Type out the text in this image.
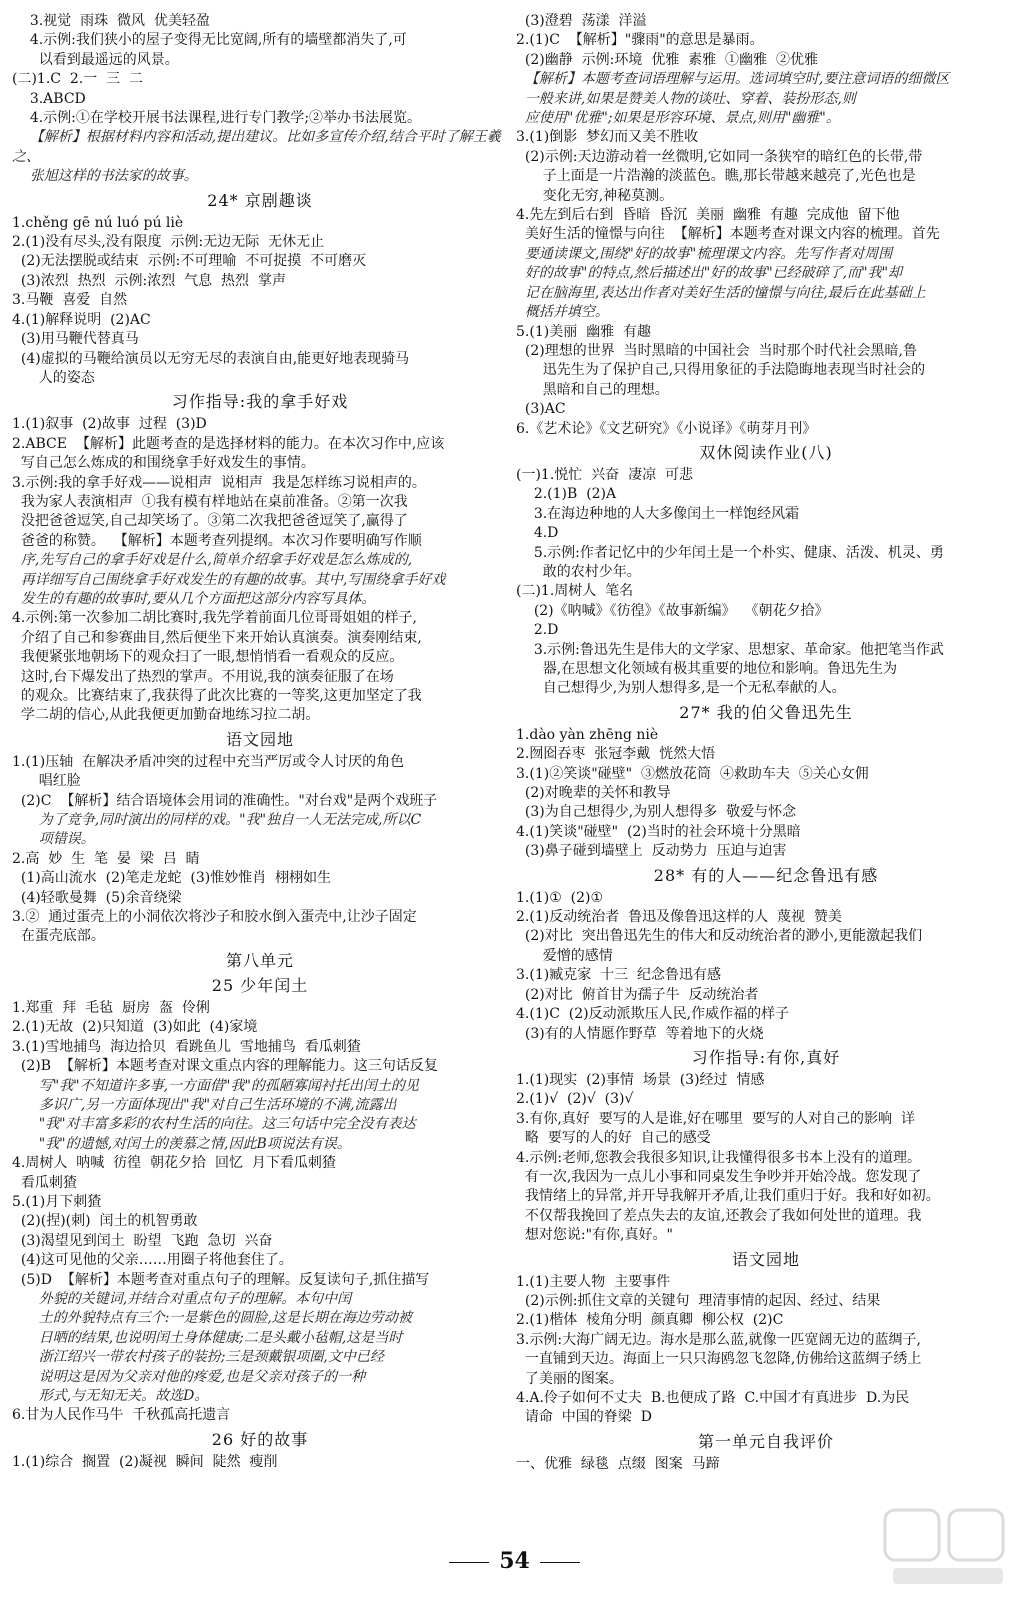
3.视觉  雨珠  微风  优美轻盈
4.示例:我们狭小的屋子变得无比宽阔,所有的墙壁都消失了,可
以看到最遥远的风景。
(二)1.C  2.一  三  二
3.ABCD
4.示例:①在学校开展书法课程,进行专门教学;②举办书法展览。
【解析】根据材料内容和活动,提出建议。比如多宣传介绍,结合平时了解王羲之、
张旭这样的书法家的故事。
24* 京剧趣谈
1.chěng gē nú luó pú liè
2.(1)没有尽头,没有限度  示例:无边无际  无休无止
(2)无法摆脱或结束  示例:不可理喻  不可捉摸  不可磨灭
(3)浓烈  热烈  示例:浓烈  气息  热烈  掌声
3.马鞭  喜爱  自然
4.(1)解释说明  (2)AC
(3)用马鞭代替真马
(4)虚拟的马鞭给演员以无穷无尽的表演自由,能更好地表现骑马
人的姿态
习作指导:我的拿手好戏
1.(1)叙事  (2)故事  过程  (3)D
2.ABCE  【解析】此题考查的是选择材料的能力。在本次习作中,应该
写自己怎么炼成的和围绕拿手好戏发生的事情。
3.示例:我的拿手好戏——说相声  说相声  我是怎样练习说相声的。
我为家人表演相声  ①我有模有样地站在桌前准备。②第一次我
没把爸爸逗笑,自己却笑场了。③第二次我把爸爸逗笑了,赢得了
爸爸的称赞。  【解析】本题考查列提纲。本次习作要明确写作顺
序,先写自己的拿手好戏是什么,简单介绍拿手好戏是怎么炼成的,
再详细写自己围绕拿手好戏发生的有趣的故事。其中,写围绕拿手好戏
发生的有趣的故事时,要从几个方面把这部分内容写具体。
4.示例:第一次参加二胡比赛时,我先学着前面几位哥哥姐姐的样子,
介绍了自己和参赛曲目,然后便坐下来开始认真演奏。演奏刚结束,
我便紧张地朝场下的观众扫了一眼,想悄悄看一看观众的反应。
这时,台下爆发出了热烈的掌声。不用说,我的演奏征服了在场
的观众。比赛结束了,我获得了此次比赛的一等奖,这更加坚定了我
学二胡的信心,从此我便更加勤奋地练习拉二胡。
语文园地
1.(1)压轴  在解决矛盾冲突的过程中充当严厉或令人讨厌的角色
唱红脸
(2)C  【解析】结合语境体会用词的准确性。"对台戏"是两个戏班子
为了竞争,同时演出的同样的戏。"我"独自一人无法完成,所以C
项错误。
2.高  妙  生  笔  晏  梁  吕  睛
(1)高山流水  (2)笔走龙蛇  (3)惟妙惟肖  栩栩如生
(4)轻歌曼舞  (5)余音绕梁
3.②  通过蛋壳上的小洞依次将沙子和胶水倒入蛋壳中,让沙子固定
在蛋壳底部。
第八单元
25 少年闰土
1.郑重  拜  毛毡  厨房  盔  伶俐
2.(1)无故  (2)只知道  (3)如此  (4)家境
3.(1)雪地捕鸟  海边拾贝  看跳鱼儿  雪地捕鸟  看瓜刺猹
(2)B  【解析】本题考查对课文重点内容的理解能力。这三句话反复
写"我"不知道许多事,一方面借"我"的孤陋寡闻衬托出闰土的见
多识广,另一方面体现出"我"对自己生活环境的不满,流露出
"我"对丰富多彩的农村生活的向往。这三句话中完全没有表达
"我"的遗憾,对闰土的羡慕之情,因此B项说法有误。
4.周树人  呐喊  彷徨  朝花夕拾  回忆  月下看瓜刺猹
看瓜刺猹
5.(1)月下刺猹
(2)(捏)(刺)  闰土的机智勇敢
(3)渴望见到闰土  盼望  飞跑  急切  兴奋
(4)这可见他的父亲……用圈子将他套住了。
(5)D  【解析】本题考查对重点句子的理解。反复读句子,抓住描写
外貌的关键词,并结合对重点句子的理解。本句中闰
土的外貌特点有三个:一是紫色的圆脸,这是长期在海边劳动被
日晒的结果,也说明闰土身体健康;二是头戴小毡帽,这是当时
浙江绍兴一带农村孩子的装扮;三是颈戴银项圈,文中已经
说明这是因为父亲对他的疼爱,也是父亲对孩子的一种
形式,与无知无关。故选D。
6.甘为人民作马牛  千秋孤高托遗言
26 好的故事
1.(1)综合  搁置  (2)凝视  瞬间  陡然  瘦削
(3)澄碧  荡漾  洋溢
2.(1)C  【解析】"骤雨"的意思是暴雨。
(2)幽静  示例:环境  优雅  素雅  ①幽雅  ②优雅
【解析】本题考查词语理解与运用。选词填空时,要注意词语的细微区
一般来讲,如果是赞美人物的谈吐、穿着、装扮形态,则
应使用"优雅";如果是形容环境、景点,则用"幽雅"。
3.(1)倒影  梦幻而又美不胜收
(2)示例:天边游动着一丝微明,它如同一条狭窄的暗红色的长带,带
子上面是一片浩瀚的淡蓝色。瞧,那长带越来越亮了,光色也是
变化无穷,神秘莫测。
4.先左到后右到  昏暗  昏沉  美丽  幽雅  有趣  完成他  留下他
美好生活的憧憬与向往  【解析】本题考查对课文内容的梳理。首先
要通读课文,围绕"好的故事"梳理课文内容。先写作者对周围
好的故事"的特点,然后描述出"好的故事"已经破碎了,而"我"却
记在脑海里,表达出作者对美好生活的憧憬与向往,最后在此基础上
概括并填空。
5.(1)美丽  幽雅  有趣
(2)理想的世界  当时黑暗的中国社会  当时那个时代社会黑暗,鲁
迅先生为了保护自己,只得用象征的手法隐晦地表现当时社会的
黑暗和自己的理想。
(3)AC
6.《艺术论》《文艺研究》《小说译》《萌芽月刊》
双休阅读作业(八)
(一)1.悦忙  兴奋  凄凉  可悲
2.(1)B  (2)A
3.在海边种地的人大多像闰土一样饱经风霜
4.D
5.示例:作者记忆中的少年闰土是一个朴实、健康、活泼、机灵、勇
敢的农村少年。
(二)1.周树人  笔名
(2)《呐喊》《彷徨》《故事新编》  《朝花夕拾》
2.D
3.示例:鲁迅先生是伟大的文学家、思想家、革命家。他把笔当作武
器,在思想文化领域有极其重要的地位和影响。鲁迅先生为
自己想得少,为别人想得多,是一个无私奉献的人。
27* 我的伯父鲁迅先生
1.dào yàn zhēng niè
2.囫囵吞枣  张冠李戴  恍然大悟
3.(1)②笑谈"碰壁"  ③燃放花筒  ④救助车夫  ⑤关心女佣
(2)对晚辈的关怀和教导
(3)为自己想得少,为别人想得多  敬爱与怀念
4.(1)笑谈"碰壁"  (2)当时的社会环境十分黑暗
(3)鼻子碰到墙壁上  反动势力  压迫与迫害
28* 有的人——纪念鲁迅有感
1.(1)①  (2)①
2.(1)反动统治者  鲁迅及像鲁迅这样的人  蔑视  赞美
(2)对比  突出鲁迅先生的伟大和反动统治者的渺小,更能激起我们
爱憎的感情
3.(1)臧克家  十三  纪念鲁迅有感
(2)对比  俯首甘为孺子牛  反动统治者
4.(1)C  (2)反动派欺压人民,作威作福的样子
(3)有的人情愿作野草  等着地下的火烧
习作指导:有你,真好
1.(1)现实  (2)事情  场景  (3)经过  情感
2.(1)√  (2)√  (3)√
3.有你,真好  要写的人是谁,好在哪里  要写的人对自己的影响  详
略  要写的人的好  自己的感受
4.示例:老师,您教会我很多知识,让我懂得很多书本上没有的道理。
有一次,我因为一点儿小事和同桌发生争吵并开始冷战。您发现了
我情绪上的异常,并开导我解开矛盾,让我们重归于好。我和好如初。
不仅帮我挽回了差点失去的友谊,还教会了我如何处世的道理。我
想对您说:"有你,真好。"
语文园地
1.(1)主要人物  主要事件
(2)示例:抓住文章的关键句  理清事情的起因、经过、结果
2.(1)楷体  棱角分明  颜真卿  柳公权  (2)C
3.示例:大海广阔无边。海水是那么蓝,就像一匹宽阔无边的蓝绸子,
一直铺到天边。海面上一只只海鸥忽飞忽降,仿佛给这蓝绸子绣上
了美丽的图案。
4.A.伶子如何不丈夫  B.也便成了路  C.中国才有真进步  D.为民
请命  中国的脊梁  D
第一单元自我评价
一、优雅  绿毯  点缀  图案  马蹄
54
